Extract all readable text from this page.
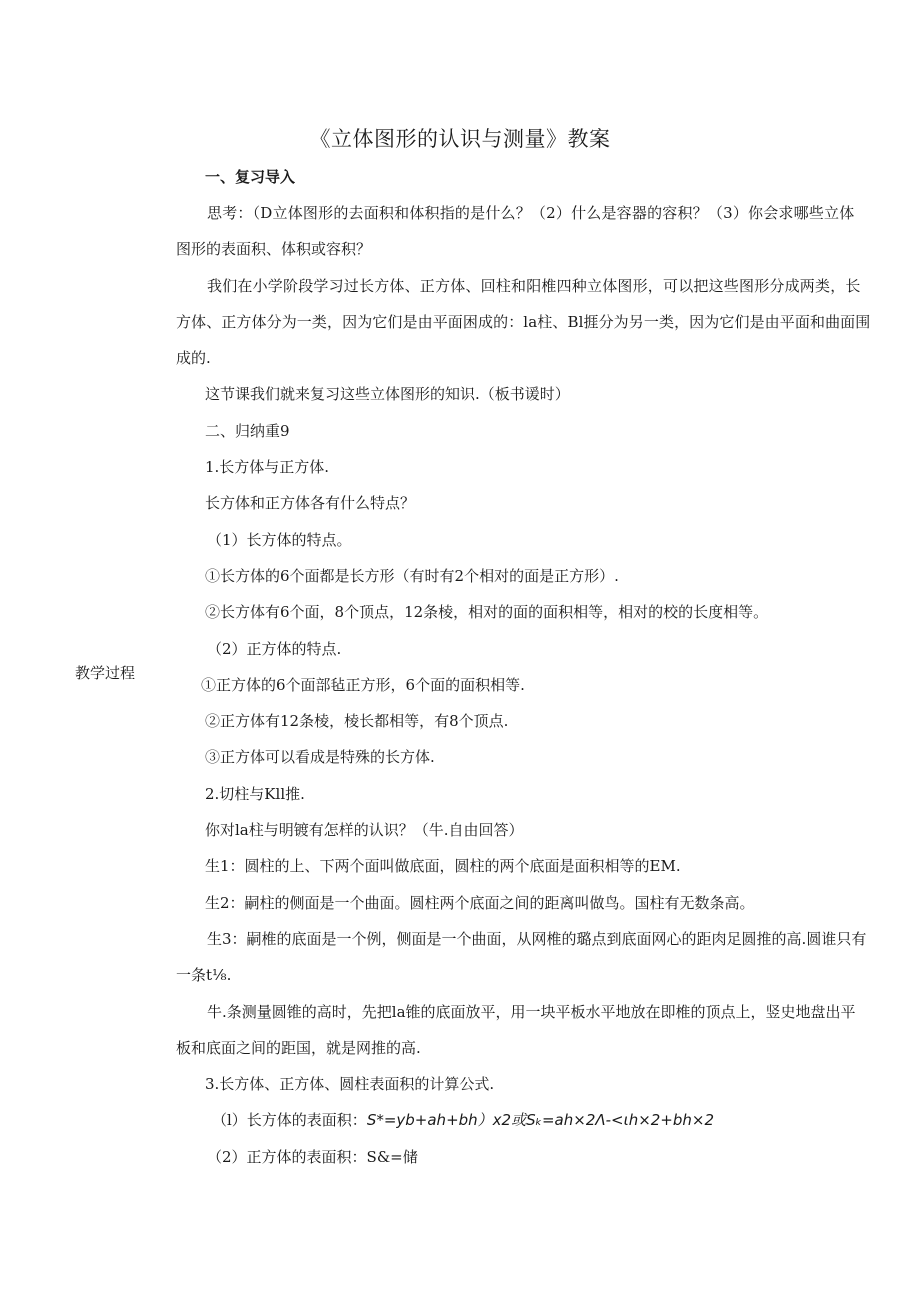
《立体图形的认识与测量》教案
教学过程
一、复习导入
思考：（D立体图形的去面积和体积指的是什么？（2）什么是容器的容积？（3）你会求哪些立体
图形的表面积、体积或容积？
我们在小学阶段学习过长方体、正方体、回柱和阳椎四种立体图形，可以把这些图形分成两类，长
方体、正方体分为一类，因为它们是由平面困成的：la柱、Bl捱分为另一类，因为它们是由平面和曲面围
成的.
这节课我们就来复习这些立体图形的知识.（板书谖时）
二、归纳重9
1.长方体与正方体.
长方体和正方体各有什么特点？
（1）长方体的特点。
①长方体的6个面都是长方形（有时有2个相对的面是正方形）.
②长方体有6个面，8个顶点，12条棱，相对的面的面积相等，相对的校的长度相等。
（2）正方体的特点.
①正方体的6个面部毡正方形，6个面的面积相等.
②正方体有12条棱，棱长都相等，有8个顶点.
③正方体可以看成是特殊的长方体.
2.切柱与Kll推.
你对la柱与明镀有怎样的认识？（牛.自由回答）
生1：圆柱的上、下两个面叫做底面，圆柱的两个底面是面积相等的EM.
生2：嗣柱的侧面是一个曲面。圆柱两个底面之间的距离叫做鸟。国柱有无数条高。
生3：嗣椎的底面是一个例，侧面是一个曲面，从网椎的璐点到底面网心的距肉足圆推的高.圆谁只有
一条t⅛.
牛.条测量圆锥的高时，先把la锥的底面放平，用一块平板水平地放在即椎的顶点上，竖史地盘出平
板和底面之间的距国，就是网推的高.
3.长方体、正方体、圆柱表面积的计算公式.
（l）长方体的表面积：S*=yb+ah+bh）x2或Sₖ=ah×2Λ-<ιh×2+bh×2
（2）正方体的表面积：S&=储
